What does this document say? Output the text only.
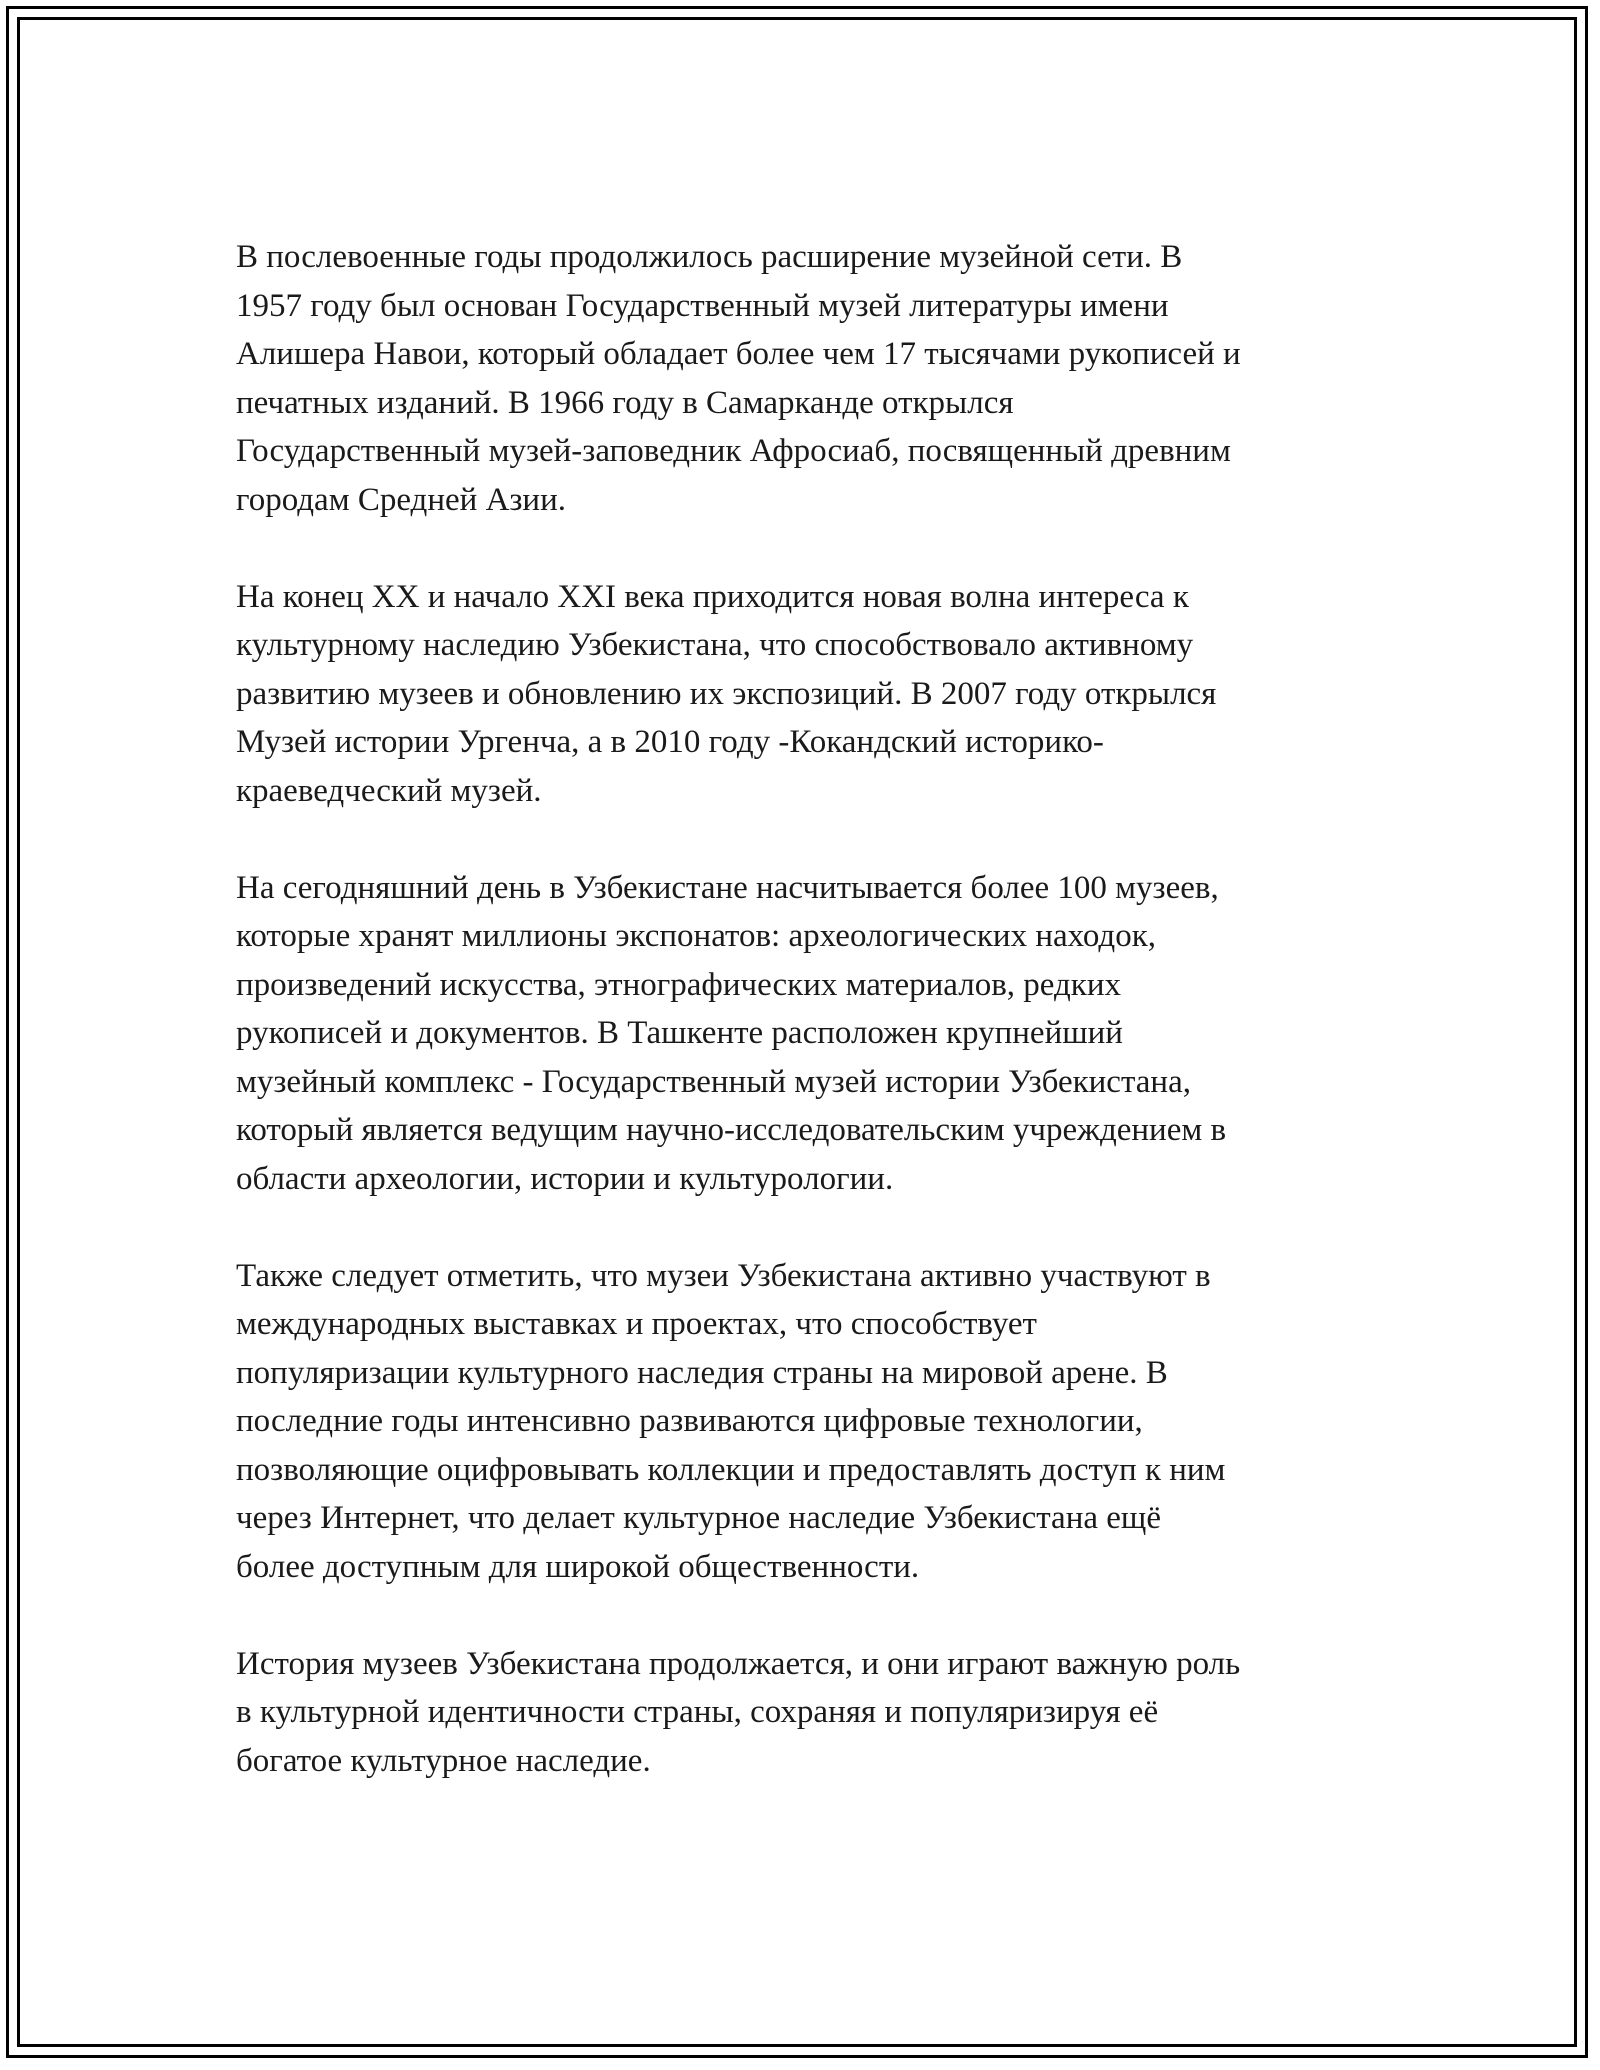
В послевоенные годы продолжилось расширение музейной сети. В
1957 году был основан Государственный музей литературы имени
Алишера Навои, который обладает более чем 17 тысячами рукописей и
печатных изданий. В 1966 году в Самарканде открылся
Государственный музей-заповедник Афросиаб, посвященный древним
городам Средней Азии.

На конец XX и начало XXI века приходится новая волна интереса к
культурному наследию Узбекистана, что способствовало активному
развитию музеев и обновлению их экспозиций. В 2007 году открылся
Музей истории Ургенча, а в 2010 году -Кокандский историко-
краеведческий музей.

На сегодняшний день в Узбекистане насчитывается более 100 музеев,
которые хранят миллионы экспонатов: археологических находок,
произведений искусства, этнографических материалов, редких
рукописей и документов. В Ташкенте расположен крупнейший
музейный комплекс - Государственный музей истории Узбекистана,
который является ведущим научно-исследовательским учреждением в
области археологии, истории и культурологии.

Также следует отметить, что музеи Узбекистана активно участвуют в
международных выставках и проектах, что способствует
популяризации культурного наследия страны на мировой арене. В
последние годы интенсивно развиваются цифровые технологии,
позволяющие оцифровывать коллекции и предоставлять доступ к ним
через Интернет, что делает культурное наследие Узбекистана ещё
более доступным для широкой общественности.

История музеев Узбекистана продолжается, и они играют важную роль
в культурной идентичности страны, сохраняя и популяризируя её
богатое культурное наследие.
